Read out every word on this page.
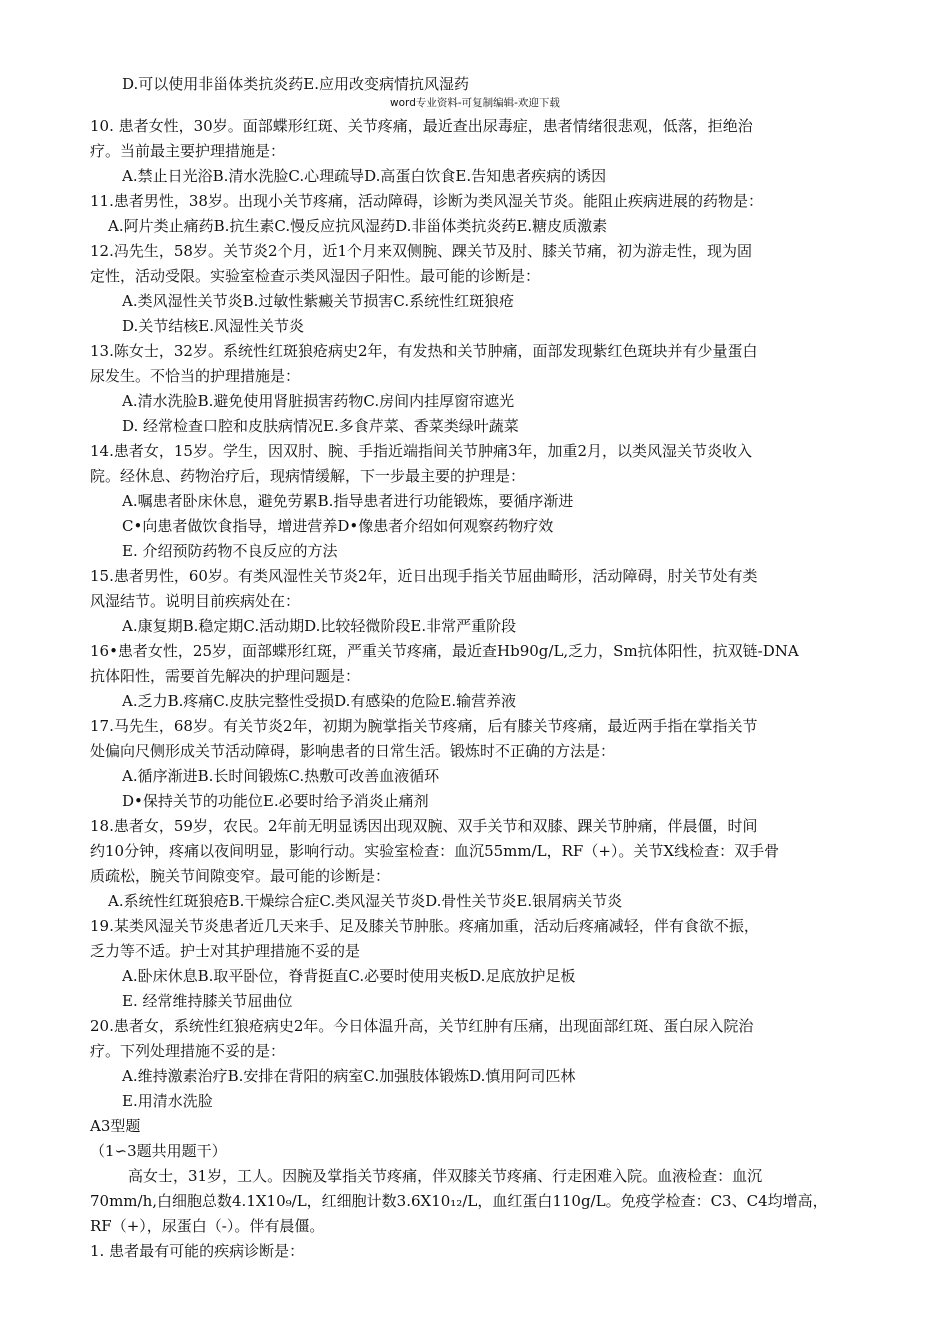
word专业资料-可复制编辑-欢迎下载
D.可以使用非甾体类抗炎药E.应用改变病情抗风湿药
10. 患者女性，30岁。面部蝶形红斑、关节疼痛，最近查出尿毒症，患者情绪很悲观，低落，拒绝治
疗。当前最主要护理措施是：
A.禁止日光浴B.清水洗脸C.心理疏导D.高蛋白饮食E.告知患者疾病的诱因
11.患者男性，38岁。出现小关节疼痛，活动障碍，诊断为类风湿关节炎。能阻止疾病进展的药物是：
A.阿片类止痛药B.抗生素C.慢反应抗风湿药D.非甾体类抗炎药E.糖皮质激素
12.冯先生，58岁。关节炎2个月，近1个月来双侧腕、踝关节及肘、膝关节痛，初为游走性，现为固
定性，活动受限。实验室检查示类风湿因子阳性。最可能的诊断是：
A.类风湿性关节炎B.过敏性紫癜关节损害C.系统性红斑狼疮
D.关节结核E.风湿性关节炎
13.陈女士，32岁。系统性红斑狼疮病史2年，有发热和关节肿痛，面部发现紫红色斑块并有少量蛋白
尿发生。不恰当的护理措施是：
A.清水洗脸B.避免使用肾脏损害药物C.房间内挂厚窗帘遮光
D. 经常检查口腔和皮肤病情况E.多食芹菜、香菜类绿叶蔬菜
14.患者女，15岁。学生，因双肘、腕、手指近端指间关节肿痛3年，加重2月，以类风湿关节炎收入
院。经休息、药物治疗后，现病情缓解，下一步最主要的护理是：
A.嘱患者卧床休息，避免劳累B.指导患者进行功能锻炼，要循序渐进
C•向患者做饮食指导，增进营养D•像患者介绍如何观察药物疗效
E. 介绍预防药物不良反应的方法
15.患者男性，60岁。有类风湿性关节炎2年，近日出现手指关节屈曲畸形，活动障碍，肘关节处有类
风湿结节。说明目前疾病处在：
A.康复期B.稳定期C.活动期D.比较轻微阶段E.非常严重阶段
16•患者女性，25岁，面部蝶形红斑，严重关节疼痛，最近查Hb90g/L,乏力，Sm抗体阳性，抗双链-DNA
抗体阳性，需要首先解决的护理问题是：
A.乏力B.疼痛C.皮肤完整性受损D.有感染的危险E.输营养液
17.马先生，68岁。有关节炎2年，初期为腕掌指关节疼痛，后有膝关节疼痛，最近两手指在掌指关节
处偏向尺侧形成关节活动障碍，影响患者的日常生活。锻炼时不正确的方法是：
A.循序渐进B.长时间锻炼C.热敷可改善血液循环
D•保持关节的功能位E.必要时给予消炎止痛剂
18.患者女，59岁，农民。2年前无明显诱因出现双腕、双手关节和双膝、踝关节肿痛，伴晨僵，时间
约10分钟，疼痛以夜间明显，影响行动。实验室检查：血沉55mm/L，RF（+）。关节X线检查：双手骨
质疏松，腕关节间隙变窄。最可能的诊断是：
A.系统性红斑狼疮B.干燥综合症C.类风湿关节炎D.骨性关节炎E.银屑病关节炎
19.某类风湿关节炎患者近几天来手、足及膝关节肿胀。疼痛加重，活动后疼痛减轻，伴有食欲不振，
乏力等不适。护士对其护理措施不妥的是
A.卧床休息B.取平卧位，脊背挺直C.必要时使用夹板D.足底放护足板
E. 经常维持膝关节屈曲位
20.患者女，系统性红狼疮病史2年。今日体温升高，关节红肿有压痛，出现面部红斑、蛋白尿入院治
疗。下列处理措施不妥的是：
A.维持激素治疗B.安排在背阳的病室C.加强肢体锻炼D.慎用阿司匹林
E.用清水洗脸
A3型题
（1∽3题共用题干）
高女士，31岁，工人。因腕及掌指关节疼痛，伴双膝关节疼痛、行走困难入院。血液检查：血沉
70mm/h,白细胞总数4.1X10₉/L，红细胞计数3.6X10₁₂/L，血红蛋白110g/L。免疫学检查：C3、C4均增高，
RF（+），尿蛋白（-）。伴有晨僵。
1. 患者最有可能的疾病诊断是：
